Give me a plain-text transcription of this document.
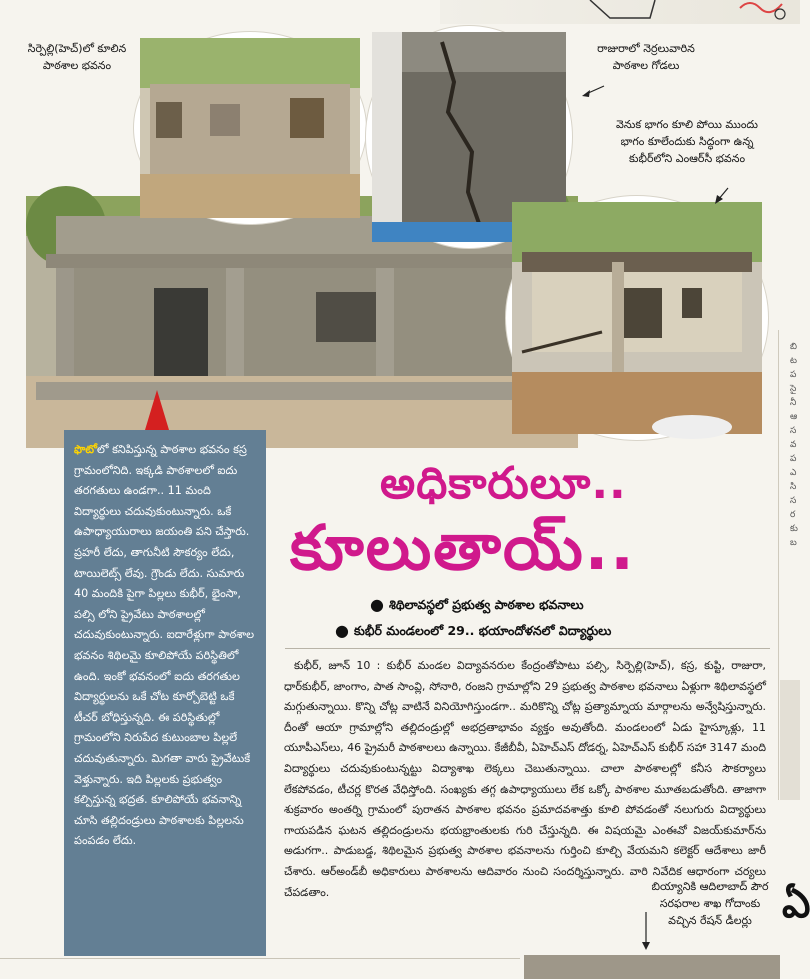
సిర్పెల్లి(హెచ్)లో కూలిన పాఠశాల భవనం
రాజురాలో నెర్రలువారిన పాఠశాల గోడలు
వెనుక భాగం కూలి పోయి ముందు భాగం కూలేందుకు సిద్ధంగా ఉన్న కుభీర్‌లోని ఎంఆర్‌సీ భవనం
బియ్యానికి ఆదిలాబాద్ పౌర సరఫరాల శాఖ గోదాంకు వచ్చిన రేషన్ డీలర్లు

ఫొటోలో కనిపిస్తున్న పాఠశాల భవనం కస్ర గ్రామంలోనిది. ఇక్కడి పాఠశాలలో ఐదు తరగతులు ఉండగా.. 11 మంది విద్యార్థులు చదువుకుంటున్నారు. ఒకే ఉపాధ్యాయురాలు జయంతి పని చేస్తారు. ప్రహరీ లేదు, తాగునీటి సౌకర్యం లేదు, టాయిలెట్స్ లేవు. గ్రౌండు లేదు. సుమారు 40 మందికి పైగా పిల్లలు కుభీర్, భైంసా, పల్సి లోని ప్రైవేటు పాఠశాలల్లో చదువుకుంటున్నారు. ఐదారేళ్లుగా పాఠశాల భవనం శిథిలమై కూలిపోయే పరిస్థితిలో ఉంది. ఇంకో భవనంలో ఐదు తరగతుల విద్యార్థులను ఒకే చోట కూర్చోబెట్టి ఒకే టీచర్ బోధిస్తున్నది. ఈ పరిస్థితుల్లో గ్రామంలోని నిరుపేద కుటుంబాల పిల్లలే చదువుతున్నారు. మిగతా వారు ప్రైవేటుకే వెళ్తున్నారు. ఇది పిల్లలకు ప్రభుత్వం కల్పిస్తున్న భద్రత. కూలిపోయే భవనాన్ని చూసి తల్లిదండ్రులు పాఠశాలకు పిల్లలను పంపడం లేదు.

అధికారులూ..
కూలుతాయ్..
● శిథిలావస్థలో ప్రభుత్వ పాఠశాల భవనాలు
● కుభీర్ మండలంలో 29.. భయాందోళనలో విద్యార్థులు

కుభీర్, జూన్ 10 : కుభీర్ మండల విద్యావనరుల కేంద్రంతోపాటు పల్సి, సిర్పెల్లి(హెచ్), కస్ర, కుప్టి, రాజురా, ధార్‌కుభీర్, జాంగాం, పాత సాంవ్లి, సోనారి, రంజని గ్రామాల్లోని 29 ప్రభుత్వ పాఠశాల భవనాలు ఏళ్లుగా శిథిలావస్థలో మగ్గుతున్నాయి. కొన్ని చోట్ల వాటినే వినియోగిస్తుండగా.. మరికొన్ని చోట్ల ప్రత్యామ్నాయ మార్గాలను అన్వేషిస్తున్నారు. దీంతో ఆయా గ్రామాల్లోని తల్లిదండ్రుల్లో అభద్రతాభావం వ్యక్తం అవుతోంది. మండలంలో ఏడు హైస్కూళ్లు, 11 యూపీఎస్‌లు, 46 ప్రైమరీ పాఠశాలలు ఉన్నాయి. కేజీబీవీ, ఏహెచ్‌ఎస్ దోడర్న, ఏహెచ్‌ఎస్ కుభీర్ సహా 3147 మంది విద్యార్థులు చదువుకుంటున్నట్టు విద్యాశాఖ లెక్కలు చెబుతున్నాయి. చాలా పాఠశాలల్లో కనీస సౌకర్యాలు లేకపోవడం, టీచర్ల కొరత వేధిస్తోంది. సంఖ్యకు తగ్గ ఉపాధ్యాయులు లేక ఒక్కో పాఠశాల మూతబడుతోంది. తాజాగా శుక్రవారం అంతర్ని గ్రామంలో పురాతన పాఠశాల భవనం ప్రమాదవశాత్తు కూలి పోవడంతో నలుగురు విద్యార్థులు గాయపడిన ఘటన తల్లిదండ్రులను భయభ్రాంతులకు గురి చేస్తున్నది. ఈ విషయమై ఎంఈవో విజయ్‌కుమార్‌ను అడుగగా.. పాడుబడ్డ, శిథిలమైన ప్రభుత్వ పాఠశాల భవనాలను గుర్తించి కూల్చి వేయమని కలెక్టర్ ఆదేశాలు జారీ చేశారు. ఆర్‌అండ్‌బీ అధికారులు పాఠశాలను ఆదివారం నుంచి సందర్శిస్తున్నారు. వారి నివేదిక ఆధారంగా చర్యలు చేపడతాం.

బి ట ప సై నీ ఆ స వ ప ఎ సి స ర కు బ
ఏ
